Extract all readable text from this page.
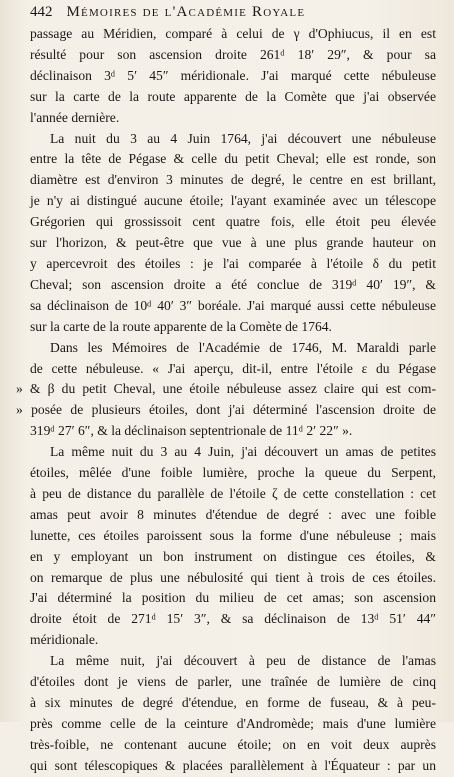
442 Mémoires de l'Académie Royale
passage au Méridien, comparé à celui de γ d'Ophiucus, il en est
résulté pour son ascension droite 261ᵈ 18′ 29″, & pour sa
déclinaison 3ᵈ 5′ 45″ méridionale. J'ai marqué cette nébuleuse
sur la carte de la route apparente de la Comète que j'ai observée
l'année dernière.
La nuit du 3 au 4 Juin 1764, j'ai découvert une nébuleuse
entre la tête de Pégase & celle du petit Cheval; elle est ronde, son
diamètre est d'environ 3 minutes de degré, le centre en est brillant,
je n'y ai distingué aucune étoile; l'ayant examinée avec un télescope
Grégorien qui grossissoit cent quatre fois, elle étoit peu élevée
sur l'horizon, & peut-être que vue à une plus grande hauteur on
y apercevroit des étoiles : je l'ai comparée à l'étoile δ du petit
Cheval; son ascension droite a été conclue de 319ᵈ 40′ 19″, &
sa déclinaison de 10ᵈ 40′ 3″ boréale. J'ai marqué aussi cette nébuleuse
sur la carte de la route apparente de la Comète de 1764.
Dans les Mémoires de l'Académie de 1746, M. Maraldi parle
de cette nébuleuse. « J'ai aperçu, dit-il, entre l'étoile ε du Pégase
» & β du petit Cheval, une étoile nébuleuse assez claire qui est com-
» posée de plusieurs étoiles, dont j'ai déterminé l'ascension droite de
319ᵈ 27′ 6″, & la déclinaison septentrionale de 11ᵈ 2′ 22″ ».
La même nuit du 3 au 4 Juin, j'ai découvert un amas de petites
étoiles, mêlée d'une foible lumière, proche la queue du Serpent,
à peu de distance du parallèle de l'étoile ζ de cette constellation : cet
amas peut avoir 8 minutes d'étendue de degré : avec une foible
lunette, ces étoiles paroissent sous la forme d'une nébuleuse ; mais
en y employant un bon instrument on distingue ces étoiles, &
on remarque de plus une nébulosité qui tient à trois de ces étoiles.
J'ai déterminé la position du milieu de cet amas; son ascension
droite étoit de 271ᵈ 15′ 3″, & sa déclinaison de 13ᵈ 51′ 44″
méridionale.
La même nuit, j'ai découvert à peu de distance de l'amas
d'étoiles dont je viens de parler, une traînée de lumière de cinq
à six minutes de degré d'étendue, en forme de fuseau, & à peu-
près comme celle de la ceinture d'Andromède; mais d'une lumière
très-foible, ne contenant aucune étoile; on en voit deux auprès
qui sont télescopiques & placées parallèlement à l'Équateur : par un
